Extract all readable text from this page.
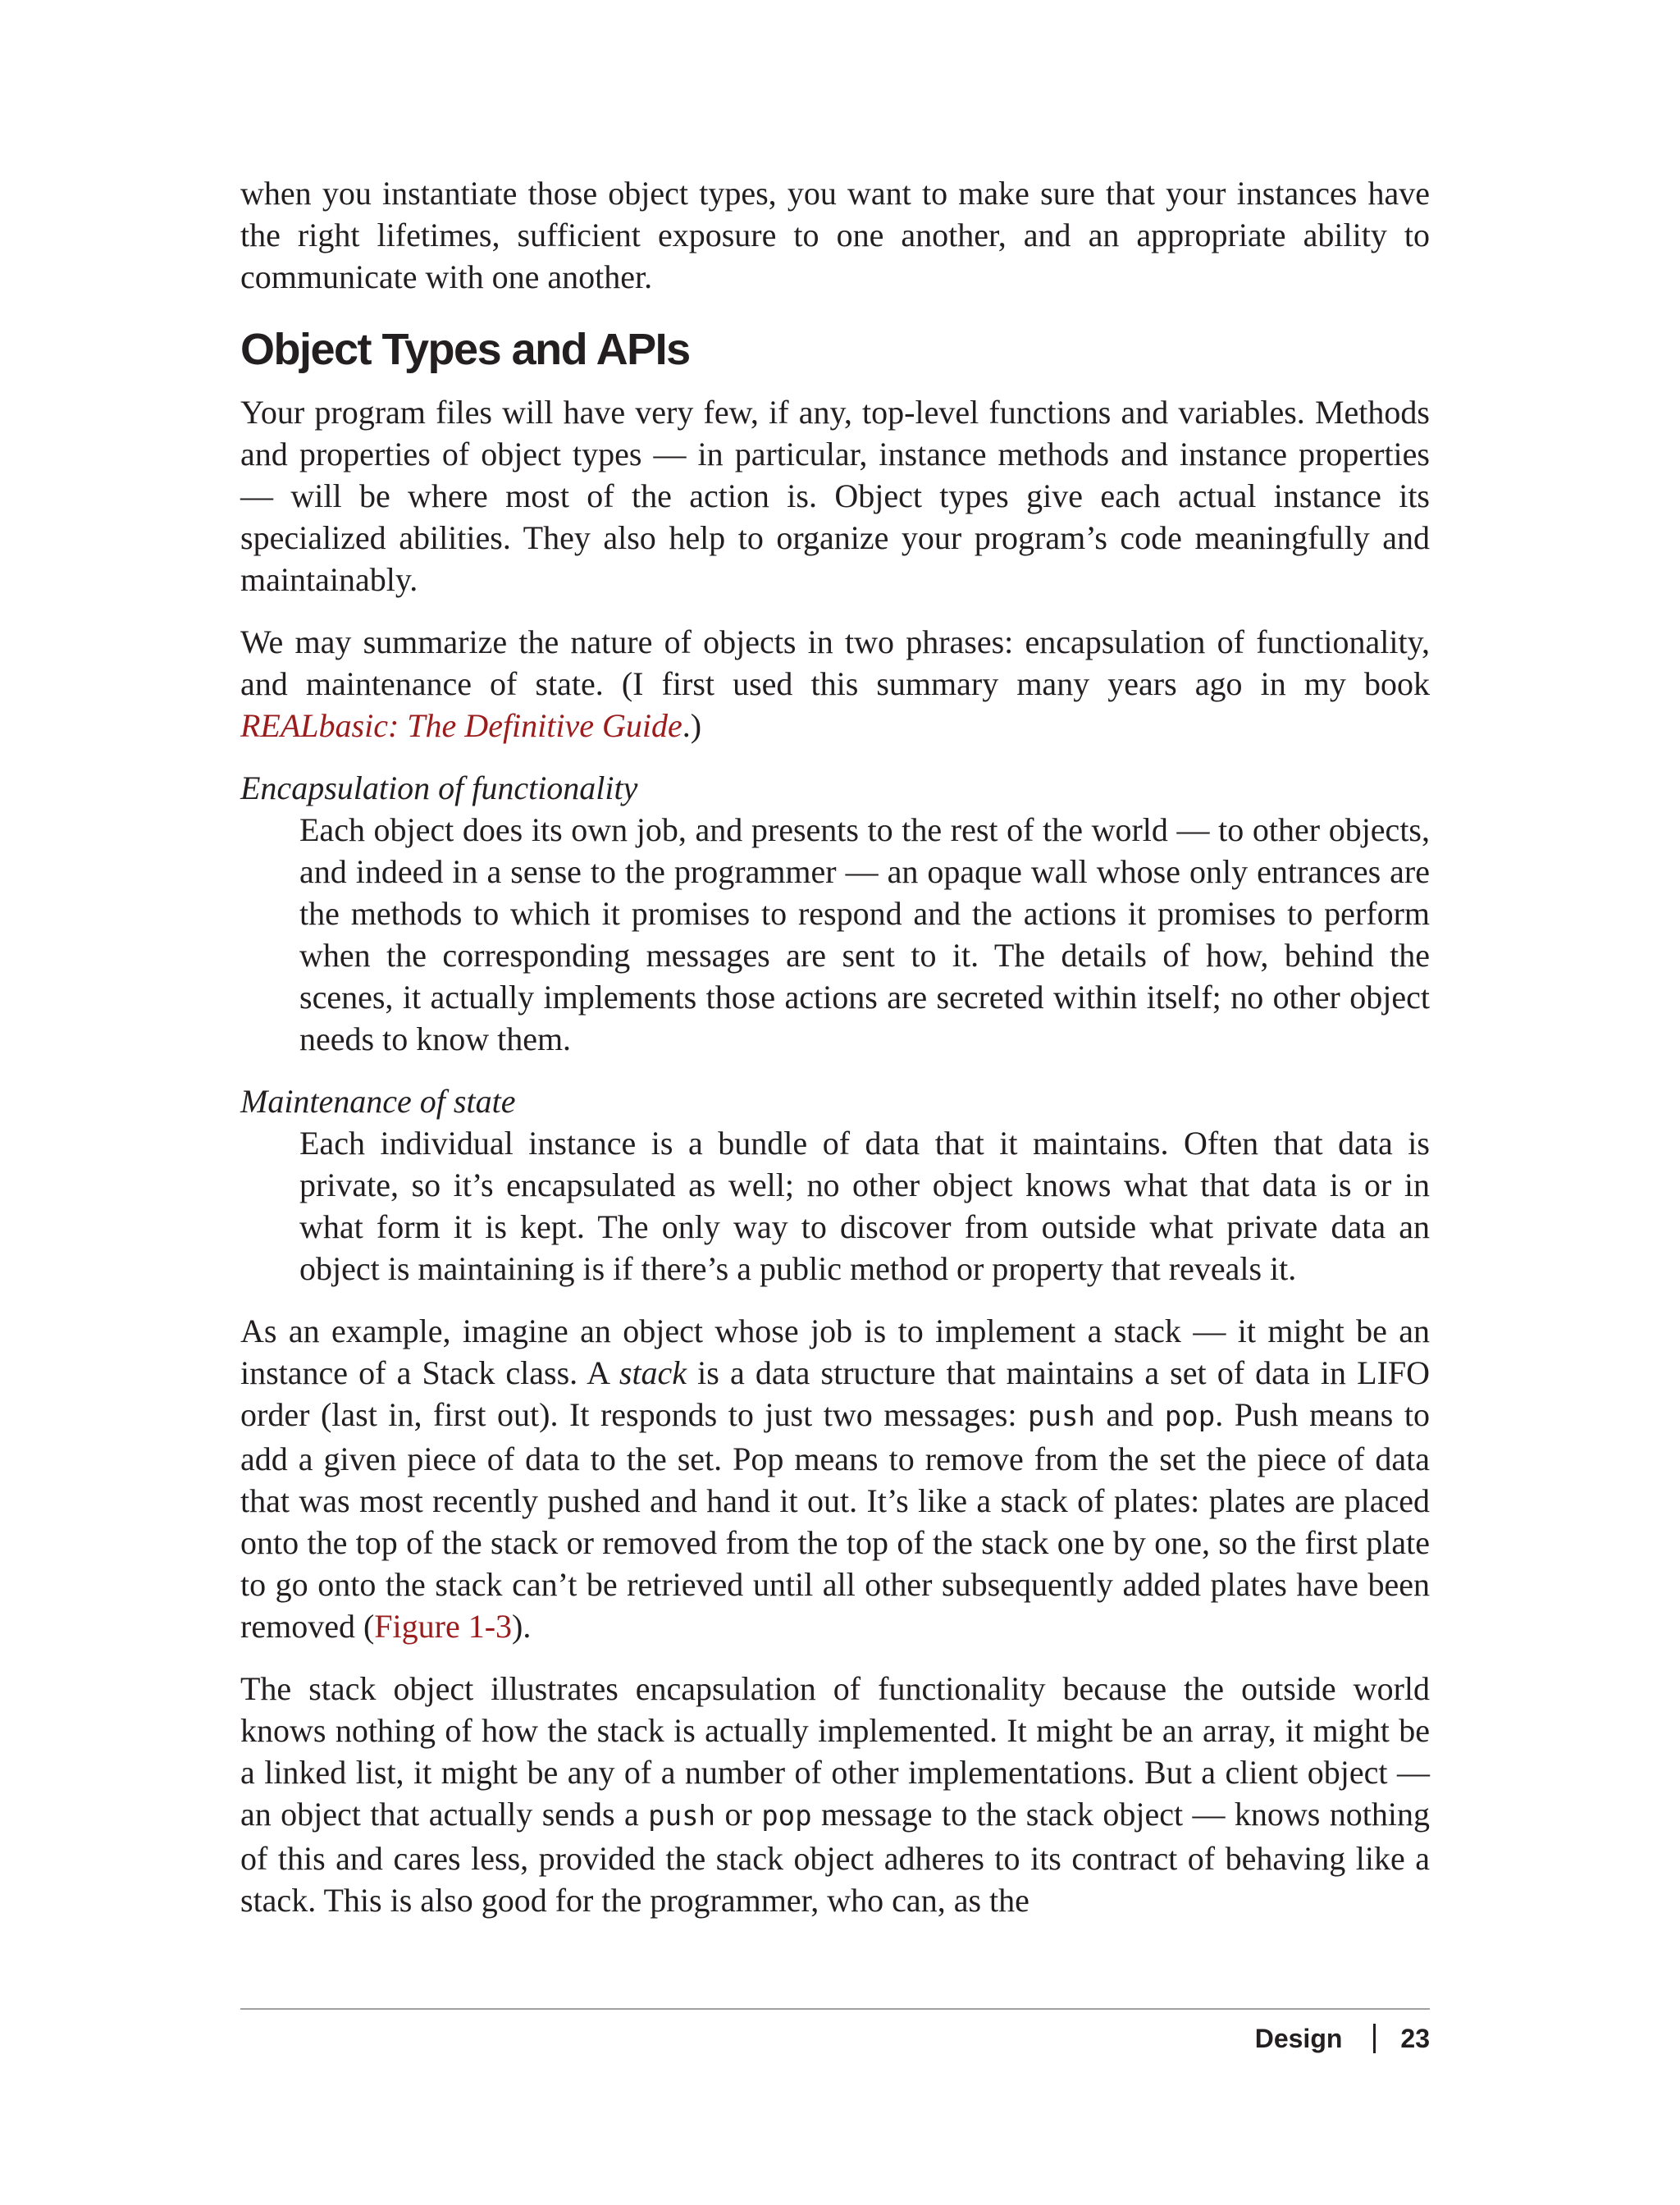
when you instantiate those object types, you want to make sure that your instances have the right lifetimes, sufficient exposure to one another, and an appropriate ability to communicate with one another.

Object Types and APIs

Your program files will have very few, if any, top-level functions and variables. Methods and properties of object types — in particular, instance methods and instance properties — will be where most of the action is. Object types give each actual instance its specialized abilities. They also help to organize your program’s code meaningfully and maintainably.

We may summarize the nature of objects in two phrases: encapsulation of functionality, and maintenance of state. (I first used this summary many years ago in my book REALbasic: The Definitive Guide.)

Encapsulation of functionality

Each object does its own job, and presents to the rest of the world — to other objects, and indeed in a sense to the programmer — an opaque wall whose only entrances are the methods to which it promises to respond and the actions it promises to perform when the corresponding messages are sent to it. The details of how, behind the scenes, it actually implements those actions are secreted within itself; no other object needs to know them.

Maintenance of state

Each individual instance is a bundle of data that it maintains. Often that data is private, so it’s encapsulated as well; no other object knows what that data is or in what form it is kept. The only way to discover from outside what private data an object is maintaining is if there’s a public method or property that reveals it.

As an example, imagine an object whose job is to implement a stack — it might be an instance of a Stack class. A stack is a data structure that maintains a set of data in LIFO order (last in, first out). It responds to just two messages: push and pop. Push means to add a given piece of data to the set. Pop means to remove from the set the piece of data that was most recently pushed and hand it out. It’s like a stack of plates: plates are placed onto the top of the stack or removed from the top of the stack one by one, so the first plate to go onto the stack can’t be retrieved until all other subsequently added plates have been removed (Figure 1-3).

The stack object illustrates encapsulation of functionality because the outside world knows nothing of how the stack is actually implemented. It might be an array, it might be a linked list, it might be any of a number of other implementations. But a client object — an object that actually sends a push or pop message to the stack object — knows nothing of this and cares less, provided the stack object adheres to its contract of behaving like a stack. This is also good for the programmer, who can, as the

Design 23
